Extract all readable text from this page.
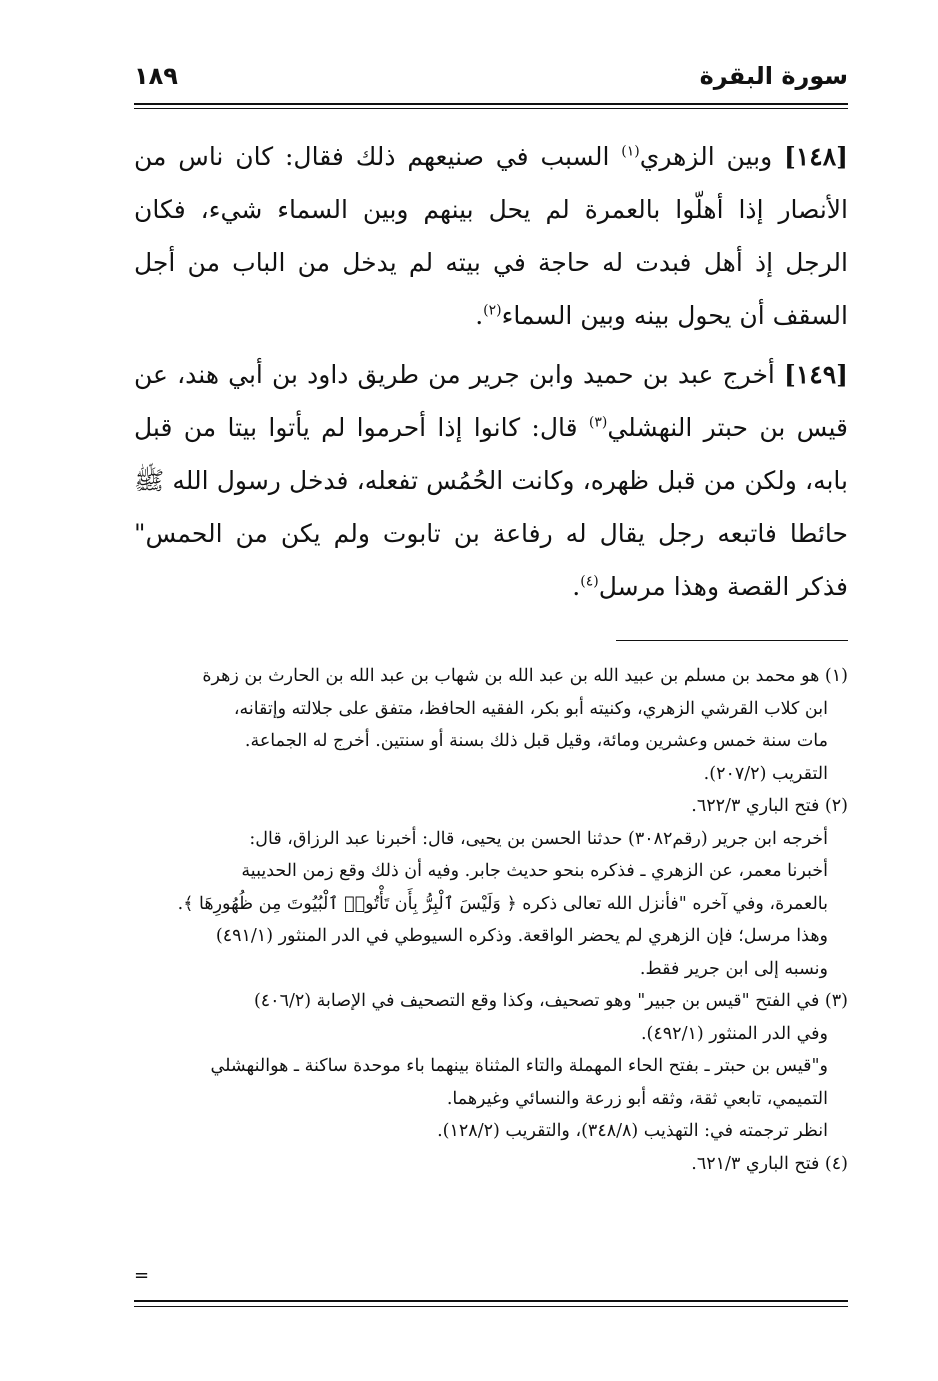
سورة البقرة
١٨٩

[١٤٨] وبين الزهري$^{(١)}$ السبب في صنيعهم ذلك فقال: كان ناس من الأنصار إذا أهلّوا بالعمرة لم يحل بينهم وبين السماء شيء، فكان الرجل إذ أهل فبدت له حاجة في بيته لم يدخل من الباب من أجل السقف أن يحول بينه وبين السماء$^{(٢)}$.

[١٤٩] أخرج عبد بن حميد وابن جرير من طريق داود بن أبي هند، عن قيس بن حبتر النهشلي$^{(٣)}$ قال: كانوا إذا أحرموا لم يأتوا بيتا من قبل بابه، ولكن من قبل ظهره، وكانت الحُمُس تفعله، فدخل رسول الله ﷺ حائطا فاتبعه رجل يقال له رفاعة بن تابوت ولم يكن من الحمس" فذكر القصة وهذا مرسل$^{(٤)}$.

(١) هو محمد بن مسلم بن عبيد الله بن عبد الله بن شهاب بن عبد الله بن الحارث بن زهرة

ابن كلاب القرشي الزهري، وكنيته أبو بكر، الفقيه الحافظ، متفق على جلالته وإتقانه،

مات سنة خمس وعشرين ومائة، وقيل قبل ذلك بسنة أو سنتين. أخرج له الجماعة.

التقريب (٢٠٧/٢).

(٢) فتح الباري ٦٢٢/٣.

أخرجه ابن جرير (رقم٣٠٨٢) حدثنا الحسن بن يحيى، قال: أخبرنا عبد الرزاق، قال:

أخبرنا معمر، عن الزهري ـ فذكره بنحو حديث جابر. وفيه أن ذلك وقع زمن الحديبية

بالعمرة، وفي آخره "فأنزل الله تعالى ذكره ﴿ وَلَيْسَ ٱلْبِرُّ بِأَن تَأْتُوا۟ ٱلْبُيُوتَ مِن ظُهُورِهَا ﴾.

وهذا مرسل؛ فإن الزهري لم يحضر الواقعة. وذكره السيوطي في الدر المنثور (٤٩١/١)

ونسبه إلى ابن جرير فقط.

(٣) في الفتح "قيس بن جبير" وهو تصحيف، وكذا وقع التصحيف في الإصابة (٤٠٦/٢)

وفي الدر المنثور (٤٩٢/١).

و"قيس بن حبتر ـ بفتح الحاء المهملة والتاء المثناة بينهما باء موحدة ساكنة ـ هوالنهشلي

التميمي، تابعي ثقة، وثقه أبو زرعة والنسائي وغيرهما.

انظر ترجمته في: التهذيب (٣٤٨/٨)، والتقريب (١٢٨/٢).

(٤) فتح الباري ٦٢١/٣.

=
